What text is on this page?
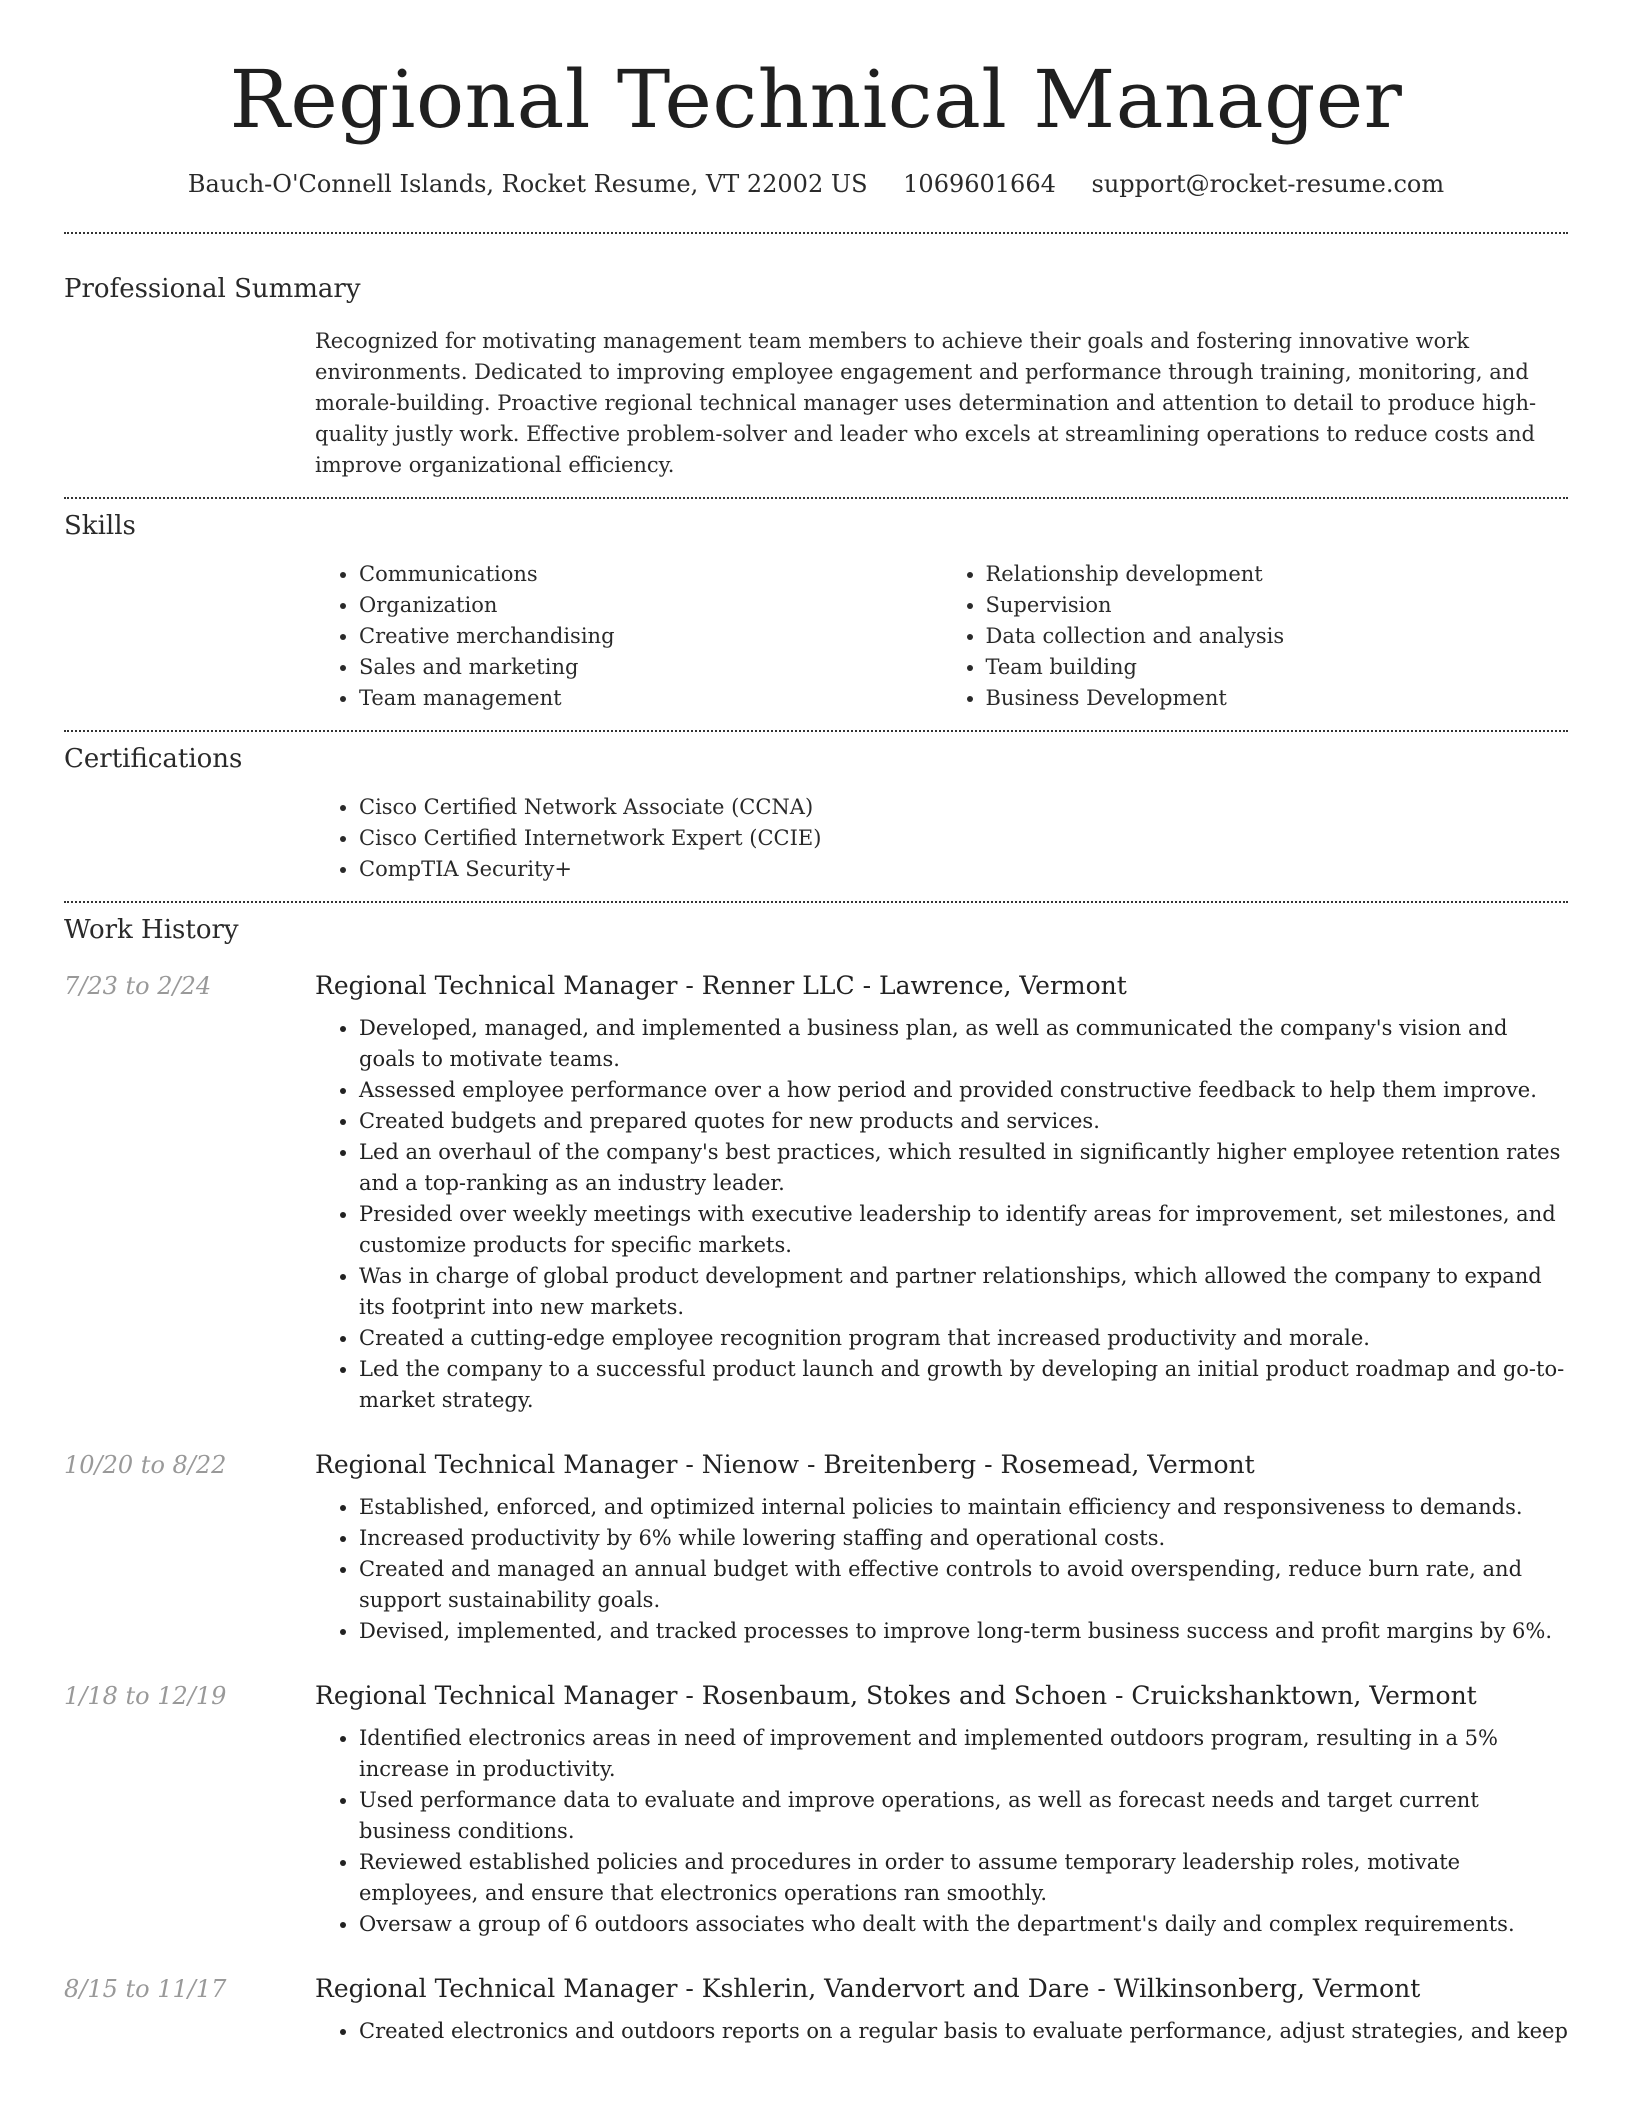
Regional Technical Manager
Bauch-O'Connell Islands, Rocket Resume, VT 22002 US 1069601664 support@rocket-resume.com
Professional Summary
Recognized for motivating management team members to achieve their goals and fostering innovative work environments. Dedicated to improving employee engagement and performance through training, monitoring, and morale-building. Proactive regional technical manager uses determination and attention to detail to produce high-quality justly work. Effective problem-solver and leader who excels at streamlining operations to reduce costs and improve organizational efficiency.
Skills
• Communications
• Organization
• Creative merchandising
• Sales and marketing
• Team management
• Relationship development
• Supervision
• Data collection and analysis
• Team building
• Business Development
Certifications
• Cisco Certified Network Associate (CCNA)
• Cisco Certified Internetwork Expert (CCIE)
• CompTIA Security+
Work History
7/23 to 2/24	Regional Technical Manager - Renner LLC - Lawrence, Vermont
• Developed, managed, and implemented a business plan, as well as communicated the company's vision and goals to motivate teams.
• Assessed employee performance over a how period and provided constructive feedback to help them improve.
• Created budgets and prepared quotes for new products and services.
• Led an overhaul of the company's best practices, which resulted in significantly higher employee retention rates and a top-ranking as an industry leader.
• Presided over weekly meetings with executive leadership to identify areas for improvement, set milestones, and customize products for specific markets.
• Was in charge of global product development and partner relationships, which allowed the company to expand its footprint into new markets.
• Created a cutting-edge employee recognition program that increased productivity and morale.
• Led the company to a successful product launch and growth by developing an initial product roadmap and go-to-market strategy.
10/20 to 8/22	Regional Technical Manager - Nienow - Breitenberg - Rosemead, Vermont
• Established, enforced, and optimized internal policies to maintain efficiency and responsiveness to demands.
• Increased productivity by 6% while lowering staffing and operational costs.
• Created and managed an annual budget with effective controls to avoid overspending, reduce burn rate, and support sustainability goals.
• Devised, implemented, and tracked processes to improve long-term business success and profit margins by 6%.
1/18 to 12/19	Regional Technical Manager - Rosenbaum, Stokes and Schoen - Cruickshanktown, Vermont
• Identified electronics areas in need of improvement and implemented outdoors program, resulting in a 5% increase in productivity.
• Used performance data to evaluate and improve operations, as well as forecast needs and target current business conditions.
• Reviewed established policies and procedures in order to assume temporary leadership roles, motivate employees, and ensure that electronics operations ran smoothly.
• Oversaw a group of 6 outdoors associates who dealt with the department's daily and complex requirements.
8/15 to 11/17	Regional Technical Manager - Kshlerin, Vandervort and Dare - Wilkinsonberg, Vermont
• Created electronics and outdoors reports on a regular basis to evaluate performance, adjust strategies, and keep
